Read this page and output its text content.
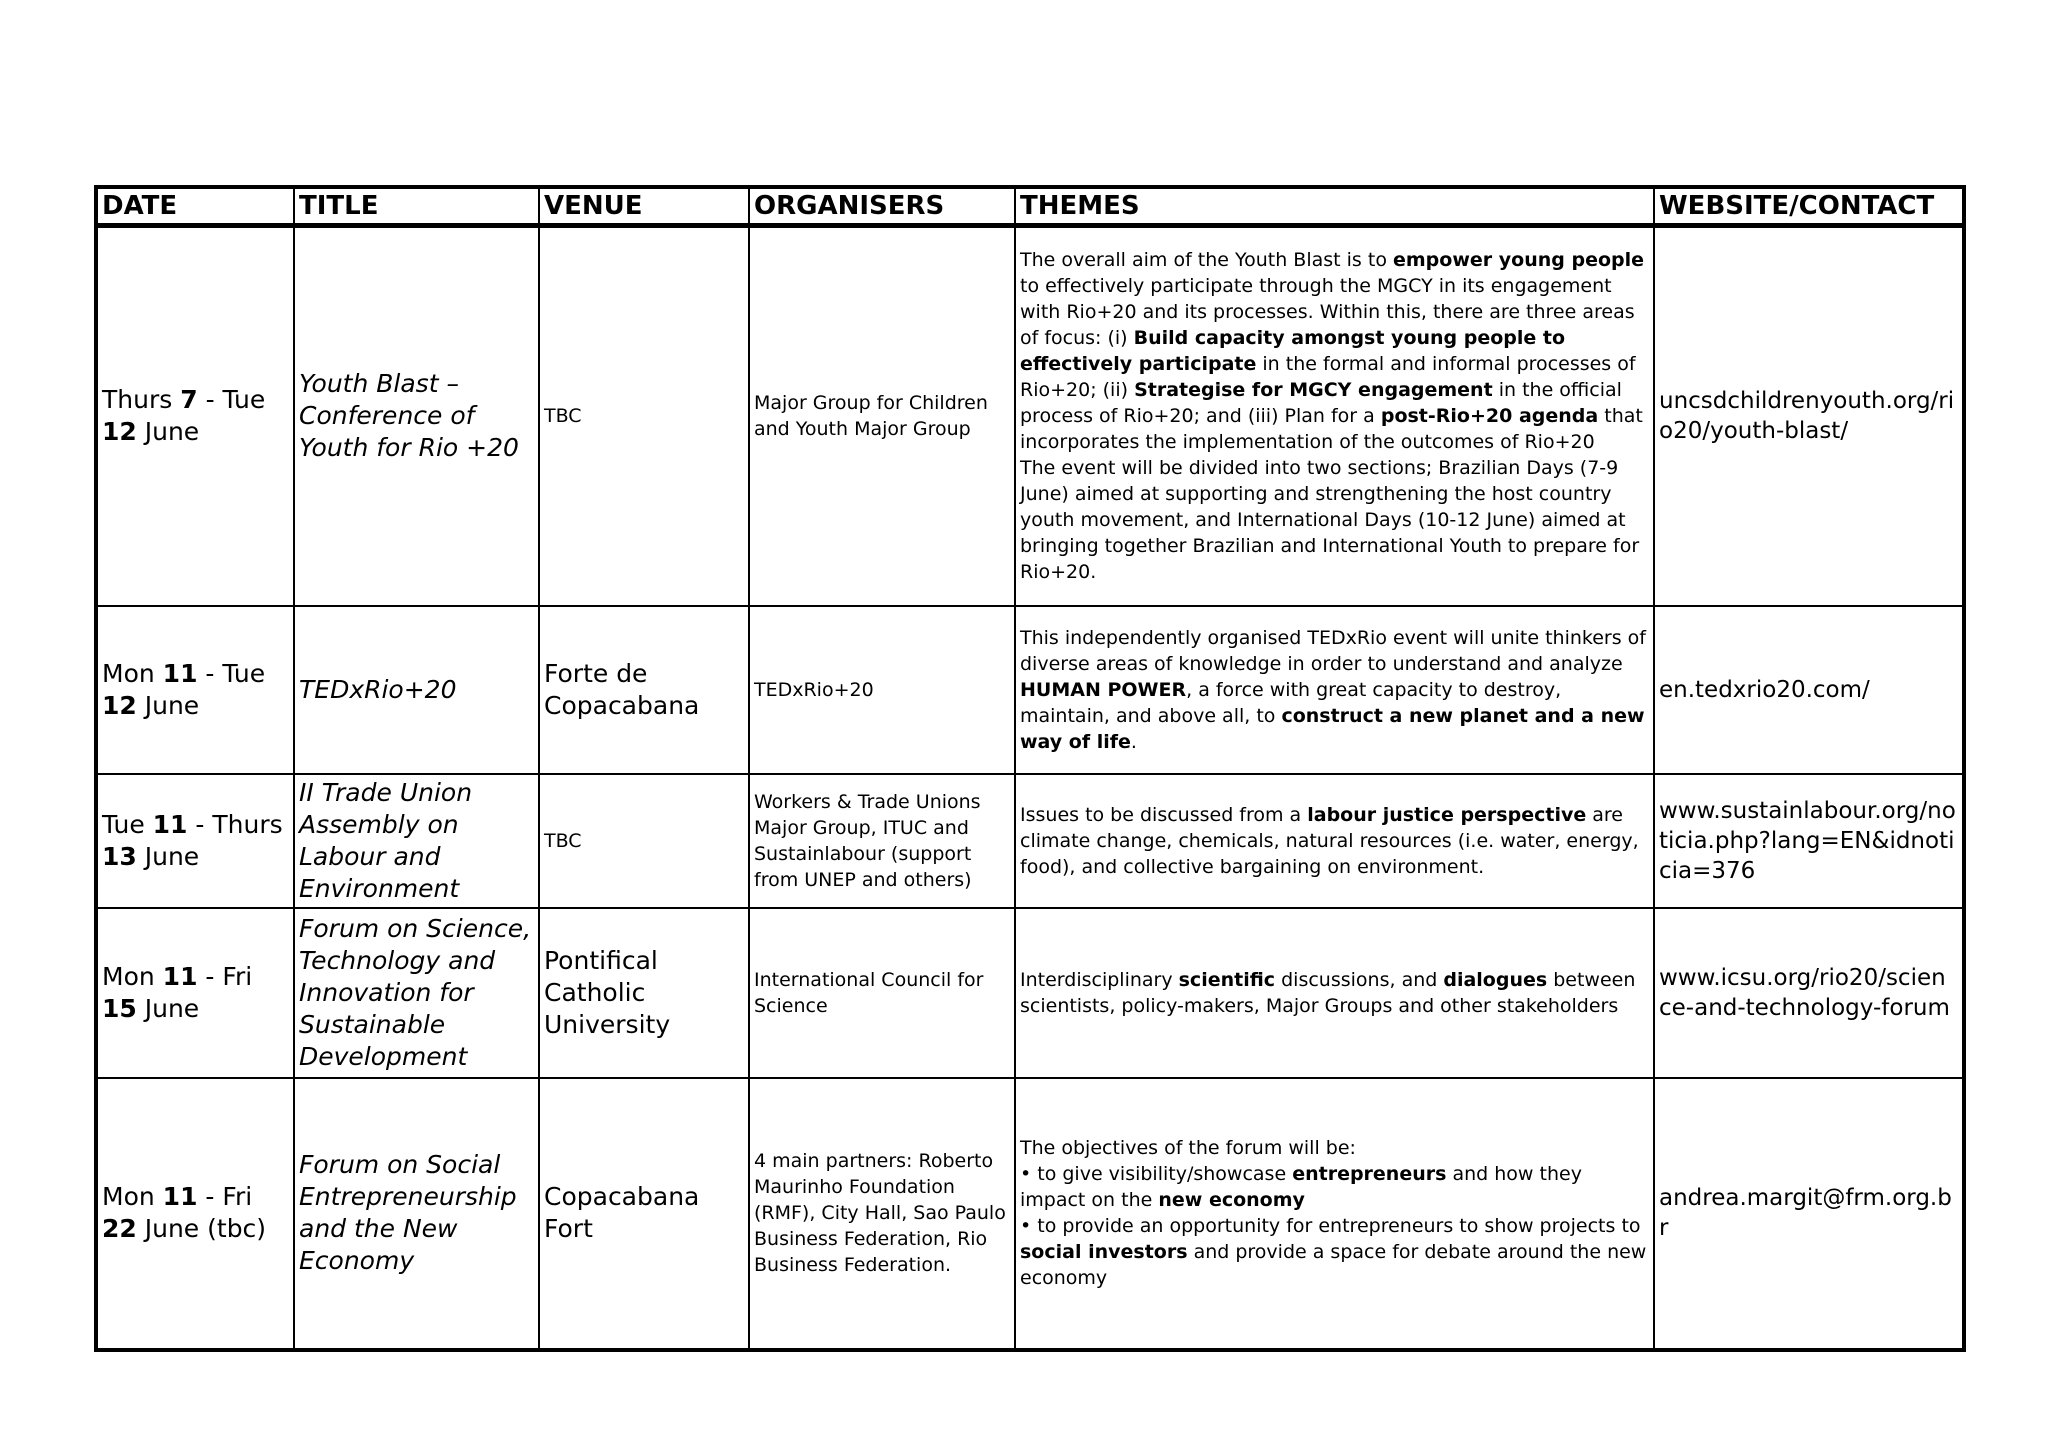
DATE	TITLE	VENUE	ORGANISERS	THEMES	WEBSITE/CONTACT
Thurs 7 - Tue
12 June	Youth Blast – Conference of Youth for Rio +20	TBC	Major Group for Children and Youth Major Group	The overall aim of the Youth Blast is to empower young people to effectively participate through the MGCY in its engagement with Rio+20 and its processes. Within this, there are three areas of focus: (i) Build capacity amongst young people to effectively participate in the formal and informal processes of Rio+20; (ii) Strategise for MGCY engagement in the official process of Rio+20; and (iii) Plan for a post-Rio+20 agenda that incorporates the implementation of the outcomes of Rio+20
The event will be divided into two sections; Brazilian Days (7-9 June) aimed at supporting and strengthening the host country youth movement, and International Days (10-12 June) aimed at bringing together Brazilian and International Youth to prepare for Rio+20.	uncsdchildrenyouth.org/rio20/youth-blast/
Mon 11 - Tue
12 June	TEDxRio+20	Forte de Copacabana	TEDxRio+20	This independently organised TEDxRio event will unite thinkers of diverse areas of knowledge in order to understand and analyze HUMAN POWER, a force with great capacity to destroy, maintain, and above all, to construct a new planet and a new way of life.	en.tedxrio20.com/
Tue 11 - Thurs
13 June	II Trade Union Assembly on Labour and Environment	TBC	Workers & Trade Unions Major Group, ITUC and Sustainlabour (support from UNEP and others)	Issues to be discussed from a labour justice perspective are climate change, chemicals, natural resources (i.e. water, energy, food), and collective bargaining on environment.	www.sustainlabour.org/noticia.php?lang=EN&idnoticia=376
Mon 11 - Fri
15 June	Forum on Science, Technology and Innovation for Sustainable Development	Pontifical Catholic University	International Council for Science	Interdisciplinary scientific discussions, and dialogues between scientists, policy-makers, Major Groups and other stakeholders	www.icsu.org/rio20/science-and-technology-forum
Mon 11 - Fri
22 June (tbc)	Forum on Social Entrepreneurship and the New Economy	Copacabana Fort	4 main partners: Roberto Maurinho Foundation (RMF), City Hall, Sao Paulo Business Federation, Rio Business Federation.	The objectives of the forum will be:
• to give visibility/showcase entrepreneurs and how they impact on the new economy
• to provide an opportunity for entrepreneurs to show projects to social investors and provide a space for debate around the new economy	andrea.margit@frm.org.br
